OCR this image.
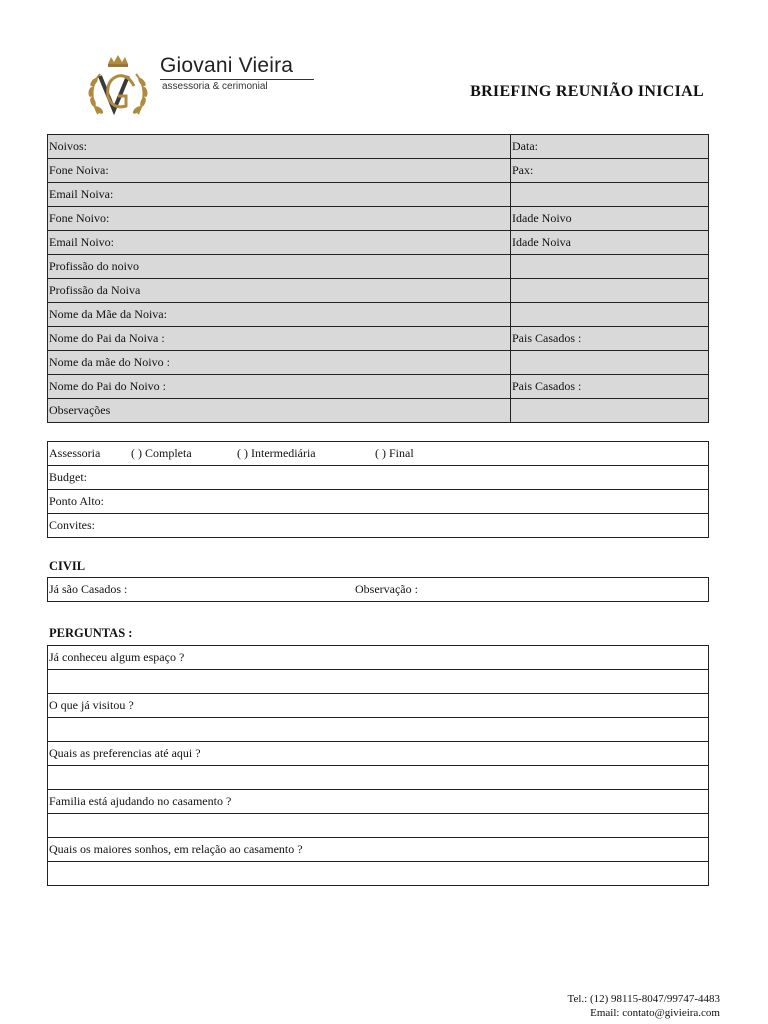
Giovani Vieira
assessoria & cerimonial	BRIEFING REUNIÃO INICIAL
Noivos:	Data:
Fone Noiva:	Pax:
Email Noiva:	
Fone Noivo:	Idade Noivo
Email Noivo:	Idade Noiva
Profissão do noivo	
Profissão da Noiva	
Nome da Mãe da Noiva:	
Nome do Pai da Noiva :	Pais Casados :
Nome da mãe do Noivo :	
Nome do Pai do Noivo :	Pais Casados :
Observações	
Assessoria	( ) Completa	( ) Intermediária	( ) Final
Budget:
Ponto Alto:
Convites:
CIVIL
Já são Casados :	Observação :
PERGUNTAS :
Já conheceu algum espaço ?

O que já visitou ?

Quais as preferencias até aqui ?

Familia está ajudando no casamento ?

Quais os maiores sonhos, em relação ao casamento ?

Tel.: (12) 98115-8047/99747-4483
Email: contato@givieira.com
